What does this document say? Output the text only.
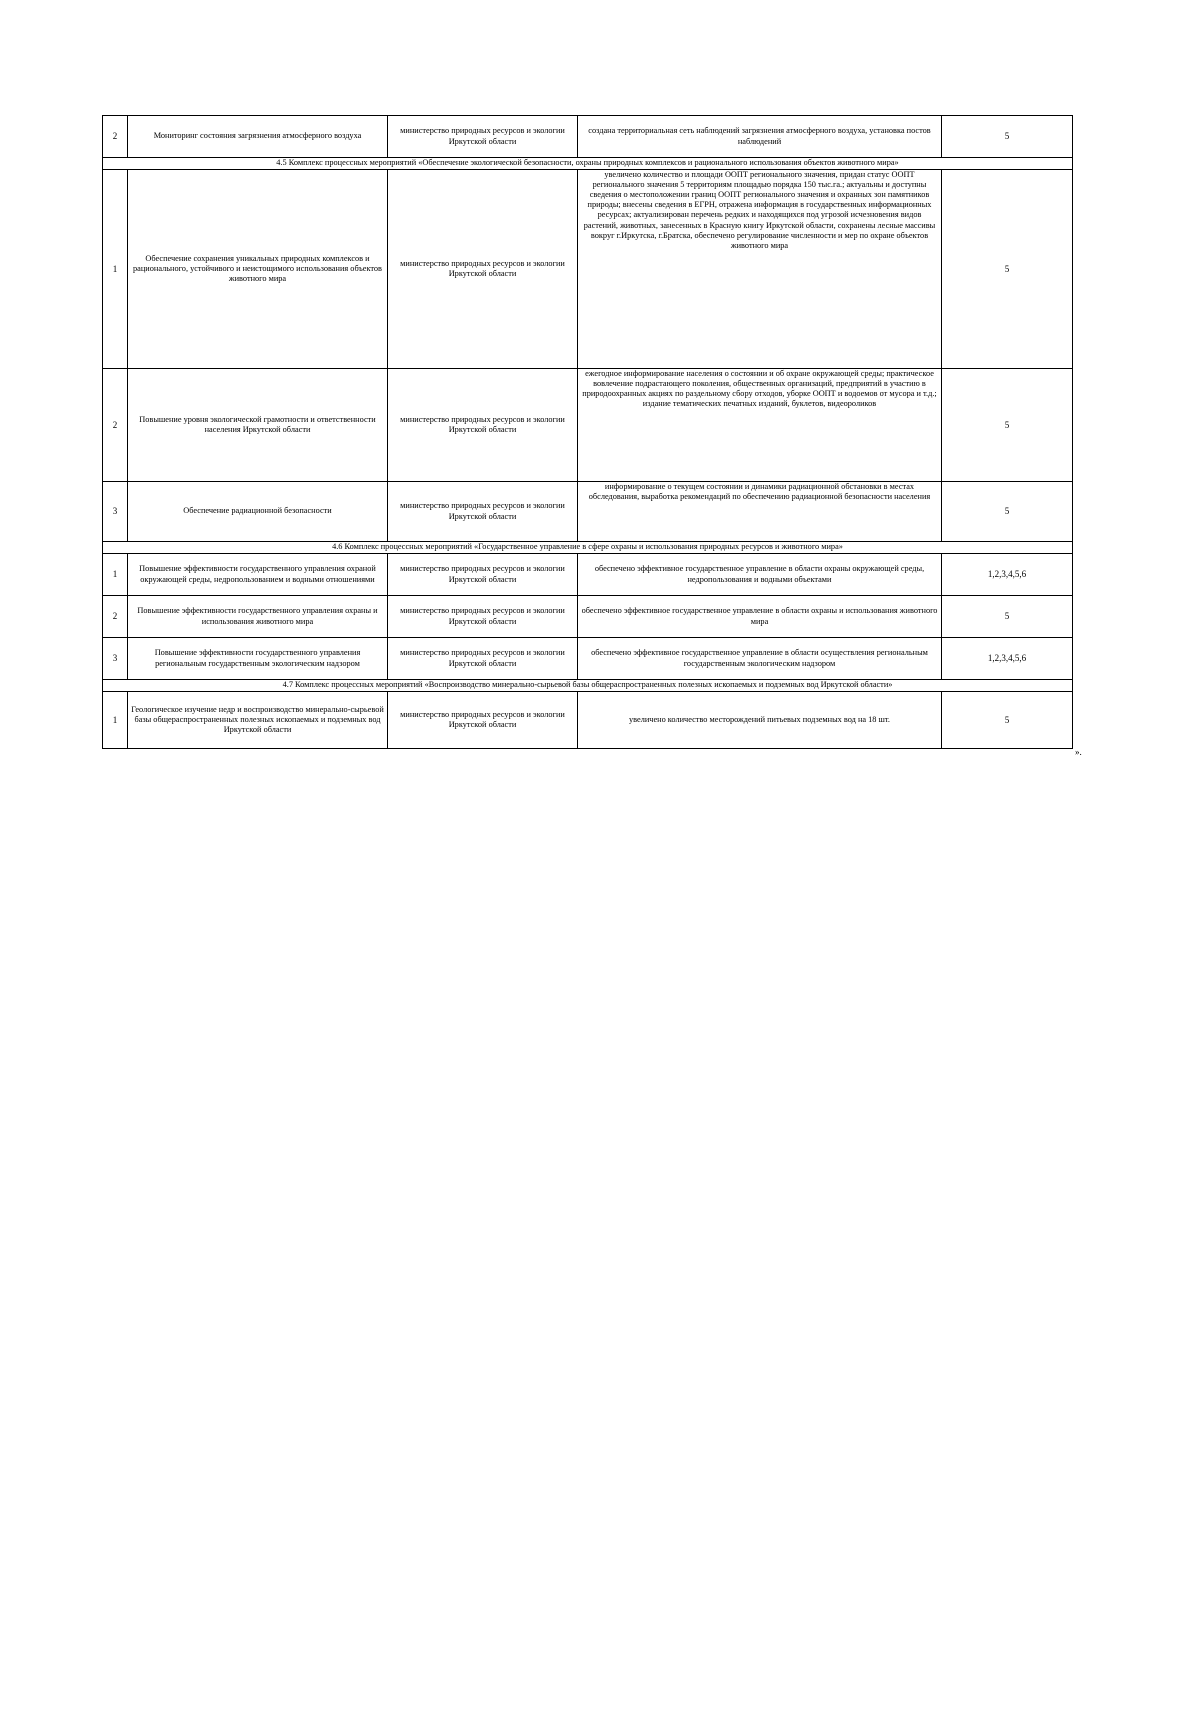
2	Мониторинг состояния загрязнения атмосферного воздуха	министерство природных ресурсов и экологии Иркутской области	создана территориальная сеть наблюдений загрязнения атмосферного воздуха, установка постов наблюдений	5
4.5 Комплекс процессных мероприятий «Обеспечение экологической безопасности, охраны природных комплексов и рационального использования объектов животного мира»				
1	Обеспечение сохранения уникальных природных комплексов и рационального, устойчивого и неистощимого использования объектов животного мира	министерство природных ресурсов и экологии Иркутской области	увеличено количество и площади ООПТ регионального значения, придан статус ООПТ регионального значения 5 территориям площадью порядка 150 тыс.га.; актуальны и доступны сведения о местоположении границ ООПТ регионального значения и охранных зон памятников природы; внесены сведения в ЕГРН, отражена информация в государственных информационных ресурсах; актуализирован перечень редких и находящихся под угрозой исчезновения видов растений, животных, занесенных в Красную книгу Иркутской области, сохранены лесные массивы вокруг г.Иркутска, г.Братска, обеспечено регулирование численности и мер по охране объектов животного мира	5
2	Повышение уровня экологической грамотности и ответственности населения Иркутской области	министерство природных ресурсов и экологии Иркутской области	ежегодное информирование населения о состоянии и об охране окружающей среды; практическое вовлечение подрастающего поколения, общественных организаций, предприятий в участию в природоохранных акциях по раздельному сбору отходов, уборке ООПТ и водоемов от мусора и т.д.; издание тематических печатных изданий, буклетов, видеороликов	5
3	Обеспечение радиационной безопасности	министерство природных ресурсов и экологии Иркутской области	информирование о текущем состоянии и динамики радиационной обстановки в местах обследования, выработка рекомендаций по обеспечению радиационной безопасности населения	5
4.6 Комплекс процессных мероприятий «Государственное управление в сфере охраны и использования природных ресурсов и животного мира»				
1	Повышение эффективности государственного управления охраной окружающей среды, недропользованием и водными отношениями	министерство природных ресурсов и экологии Иркутской области	обеспечено эффективное государственное управление в области охраны окружающей среды, недропользования и водными объектами	1,2,3,4,5,6
2	Повышение эффективности государственного управления охраны и использования животного мира	министерство природных ресурсов и экологии Иркутской области	обеспечено эффективное государственное управление в области охраны и использования животного мира	5
3	Повышение эффективности государственного управления региональным государственным экологическим надзором	министерство природных ресурсов и экологии Иркутской области	обеспечено эффективное государственное управление в области осуществления региональным государственным экологическим надзором	1,2,3,4,5,6
4.7 Комплекс процессных мероприятий «Воспроизводство минерально-сырьевой базы общераспространенных полезных ископаемых и подземных вод Иркутской области»				
1	Геологическое изучение недр и воспроизводство минерально-сырьевой базы общераспространенных полезных ископаемых и подземных вод Иркутской области	министерство природных ресурсов и экологии Иркутской области	увеличено количество месторождений питьевых подземных вод на 18 шт.	5
».
